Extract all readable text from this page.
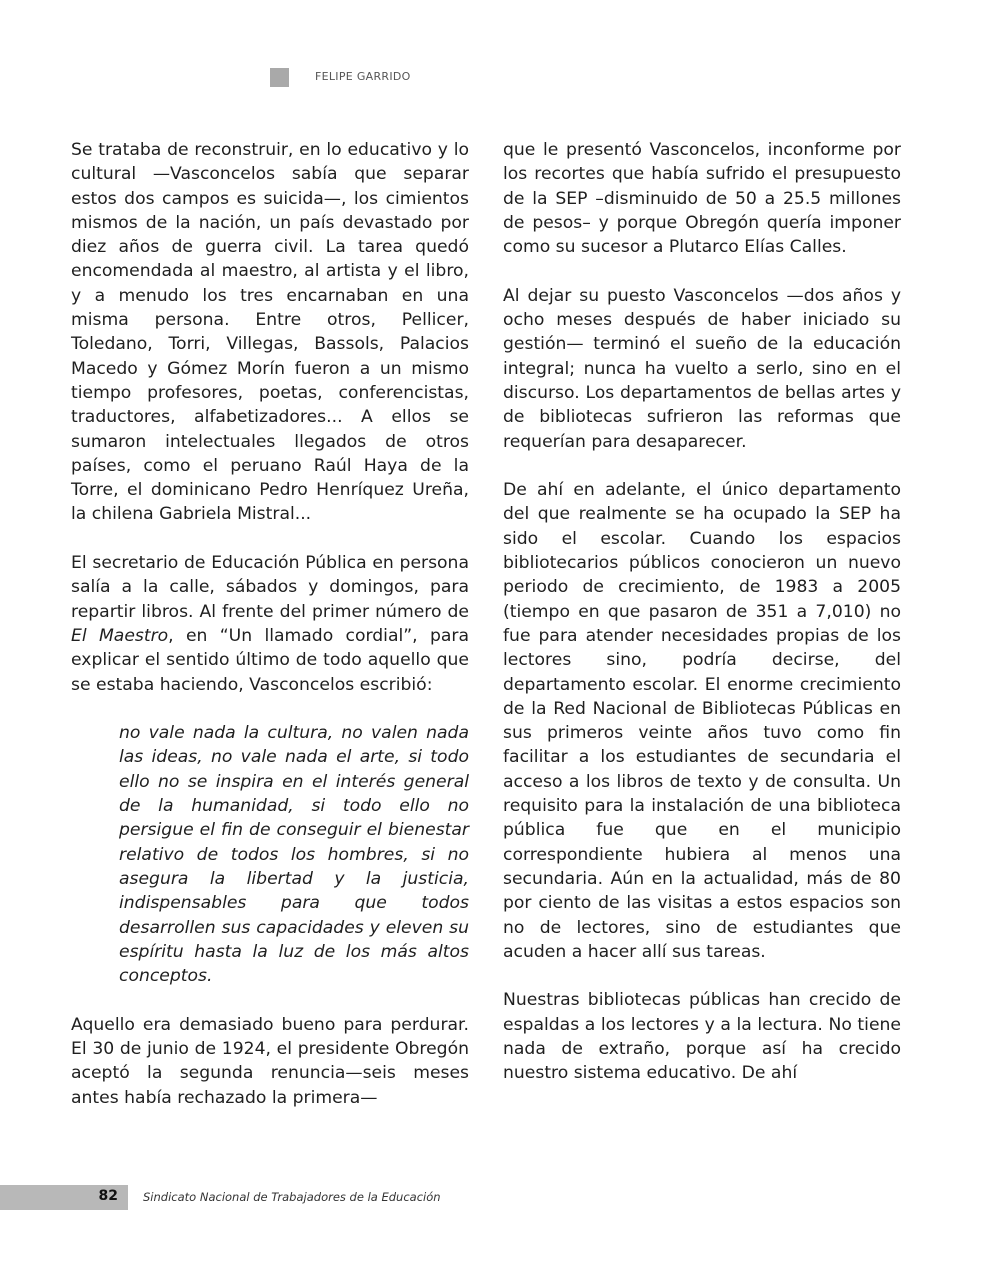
FELIPE GARRIDO

Se trataba de reconstruir, en lo educativo y lo cultural —Vasconcelos sabía que separar estos dos campos es suicida—, los cimientos mismos de la nación, un país devastado por diez años de guerra civil. La tarea quedó encomendada al maestro, al artista y el libro, y a menudo los tres encarnaban en una misma persona. Entre otros, Pellicer, Toledano, Torri, Villegas, Bassols, Palacios Macedo y Gómez Morín fueron a un mismo tiempo profesores, poetas, conferencistas, traductores, alfabetizadores... A ellos se sumaron intelectuales llegados de otros países, como el peruano Raúl Haya de la Torre, el dominicano Pedro Henríquez Ureña, la chilena Gabriela Mistral...

El secretario de Educación Pública en persona salía a la calle, sábados y domingos, para repartir libros. Al frente del primer número de El Maestro, en “Un llamado cordial”, para explicar el sentido último de todo aquello que se estaba haciendo, Vasconcelos escribió:

no vale nada la cultura, no valen nada las ideas, no vale nada el arte, si todo ello no se inspira en el interés general de la humanidad, si todo ello no persigue el fin de conseguir el bienestar relativo de todos los hombres, si no asegura la libertad y la justicia, indispensables para que todos desarrollen sus capacidades y eleven su espíritu hasta la luz de los más altos conceptos.

Aquello era demasiado bueno para perdurar. El 30 de junio de 1924, el presidente Obregón aceptó la segunda renuncia—seis meses antes había rechazado la primera—

que le presentó Vasconcelos, inconforme por los recortes que había sufrido el presupuesto de la SEP –disminuido de 50 a 25.5 millones de pesos– y porque Obregón quería imponer como su sucesor a Plutarco Elías Calles.

Al dejar su puesto Vasconcelos —dos años y ocho meses después de haber iniciado su gestión— terminó el sueño de la educación integral; nunca ha vuelto a serlo, sino en el discurso. Los departamentos de bellas artes y de bibliotecas sufrieron las reformas que requerían para desaparecer.

De ahí en adelante, el único departamento del que realmente se ha ocupado la SEP ha sido el escolar. Cuando los espacios bibliotecarios públicos conocieron un nuevo periodo de crecimiento, de 1983 a 2005 (tiempo en que pasaron de 351 a 7,010) no fue para atender necesidades propias de los lectores sino, podría decirse, del departamento escolar. El enorme crecimiento de la Red Nacional de Bibliotecas Públicas en sus primeros veinte años tuvo como fin facilitar a los estudiantes de secundaria el acceso a los libros de texto y de consulta. Un requisito para la instalación de una biblioteca pública fue que en el municipio correspondiente hubiera al menos una secundaria. Aún en la actualidad, más de 80 por ciento de las visitas a estos espacios son no de lectores, sino de estudiantes que acuden a hacer allí sus tareas.

Nuestras bibliotecas públicas han crecido de espaldas a los lectores y a la lectura. No tiene nada de extraño, porque así ha crecido nuestro sistema educativo. De ahí

82 Sindicato Nacional de Trabajadores de la Educación
